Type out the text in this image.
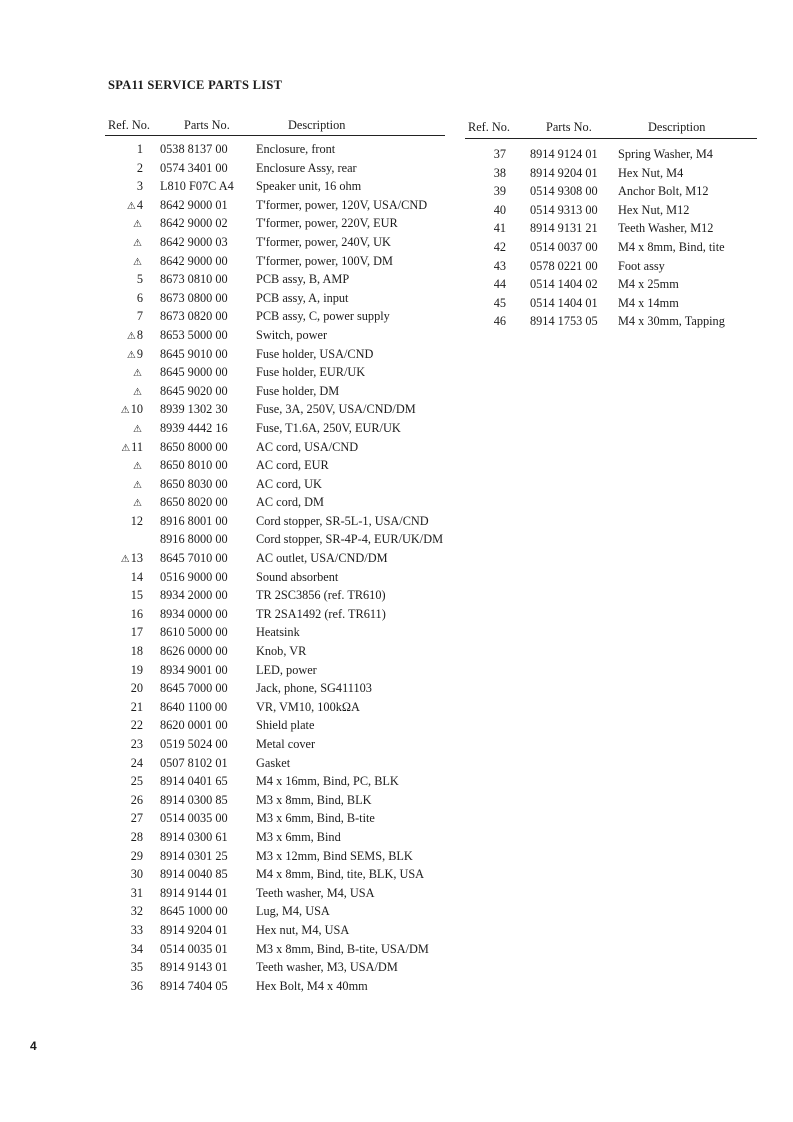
SPA11 SERVICE PARTS LIST
Ref. No.	Parts No.	Description
1 0538 8137 00 Enclosure, front
2 0574 3401 00 Enclosure Assy, rear
3 L810 F07C A4 Speaker unit, 16 ohm
⚠4 8642 9000 01 T'former, power, 120V, USA/CND
⚠ 8642 9000 02 T'former, power, 220V, EUR
⚠ 8642 9000 03 T'former, power, 240V, UK
⚠ 8642 9000 00 T'former, power, 100V, DM
5 8673 0810 00 PCB assy, B, AMP
6 8673 0800 00 PCB assy, A, input
7 8673 0820 00 PCB assy, C, power supply
⚠8 8653 5000 00 Switch, power
⚠9 8645 9010 00 Fuse holder, USA/CND
⚠ 8645 9000 00 Fuse holder, EUR/UK
⚠ 8645 9020 00 Fuse holder, DM
⚠10 8939 1302 30 Fuse, 3A, 250V, USA/CND/DM
⚠ 8939 4442 16 Fuse, T1.6A, 250V, EUR/UK
⚠11 8650 8000 00 AC cord, USA/CND
⚠ 8650 8010 00 AC cord, EUR
⚠ 8650 8030 00 AC cord, UK
⚠ 8650 8020 00 AC cord, DM
12 8916 8001 00 Cord stopper, SR-5L-1, USA/CND
8916 8000 00 Cord stopper, SR-4P-4, EUR/UK/DM
⚠13 8645 7010 00 AC outlet, USA/CND/DM
14 0516 9000 00 Sound absorbent
15 8934 2000 00 TR 2SC3856 (ref. TR610)
16 8934 0000 00 TR 2SA1492 (ref. TR611)
17 8610 5000 00 Heatsink
18 8626 0000 00 Knob, VR
19 8934 9001 00 LED, power
20 8645 7000 00 Jack, phone, SG411103
21 8640 1100 00 VR, VM10, 100kΩA
22 8620 0001 00 Shield plate
23 0519 5024 00 Metal cover
24 0507 8102 01 Gasket
25 8914 0401 65 M4 x 16mm, Bind, PC, BLK
26 8914 0300 85 M3 x 8mm, Bind, BLK
27 0514 0035 00 M3 x 6mm, Bind, B-tite
28 8914 0300 61 M3 x 6mm, Bind
29 8914 0301 25 M3 x 12mm, Bind SEMS, BLK
30 8914 0040 85 M4 x 8mm, Bind, tite, BLK, USA
31 8914 9144 01 Teeth washer, M4, USA
32 8645 1000 00 Lug, M4, USA
33 8914 9204 01 Hex nut, M4, USA
34 0514 0035 01 M3 x 8mm, Bind, B-tite, USA/DM
35 8914 9143 01 Teeth washer, M3, USA/DM
36 8914 7404 05 Hex Bolt, M4 x 40mm
Ref. No.	Parts No.	Description
37 8914 9124 01 Spring Washer, M4
38 8914 9204 01 Hex Nut, M4
39 0514 9308 00 Anchor Bolt, M12
40 0514 9313 00 Hex Nut, M12
41 8914 9131 21 Teeth Washer, M12
42 0514 0037 00 M4 x 8mm, Bind, tite
43 0578 0221 00 Foot assy
44 0514 1404 02 M4 x 25mm
45 0514 1404 01 M4 x 14mm
46 8914 1753 05 M4 x 30mm, Tapping
4
